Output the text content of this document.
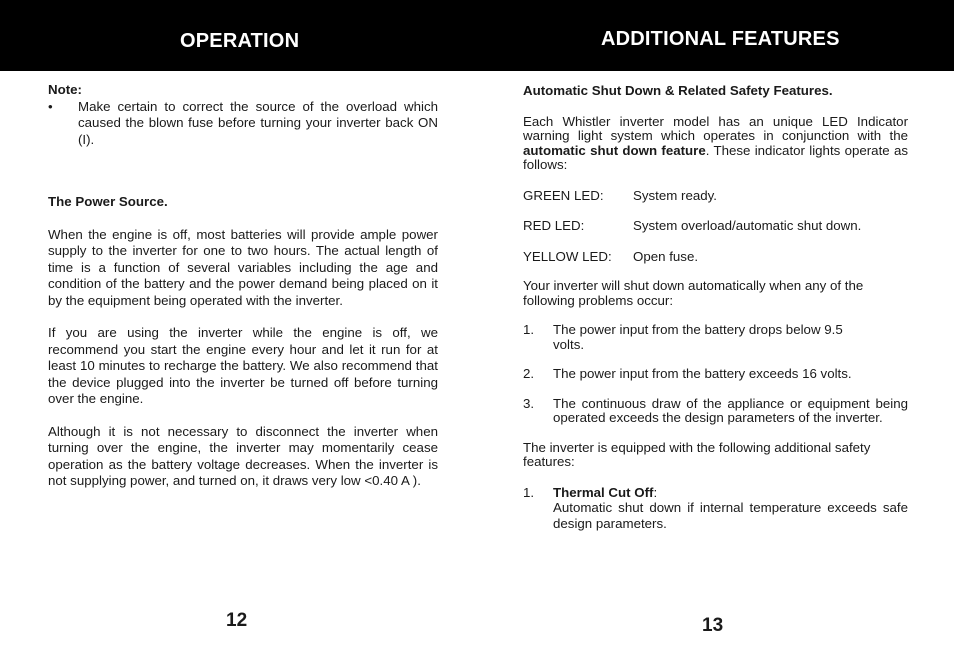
OPERATION	ADDITIONAL FEATURES
Note:
•	Make certain to correct the source of the overload which caused the blown fuse before turning your inverter back ON (I).
The Power Source.
When the engine is off, most batteries will provide ample power supply to the inverter for one to two hours. The actual length of time is a function of several variables including the age and condition of the battery and the power demand being placed on it by the equipment being operated with the inverter.
If you are using the inverter while the engine is off, we recommend you start the engine every hour and let it run for at least 10 minutes to recharge the battery. We also recommend that the device plugged into the inverter be turned off before turning over the engine.
Although it is not necessary to disconnect the inverter when turning over the engine, the inverter may momentarily cease operation as the battery voltage decreases. When the inverter is not supplying power, and turned on, it draws very low <0.40 A ).
Automatic Shut Down & Related Safety Features.
Each Whistler inverter model has an unique LED Indicator warning light system which operates in conjunction with the automatic shut down feature. These indicator lights operate as follows:
GREEN LED:	System ready.
RED LED:	System overload/automatic shut down.
YELLOW LED:	Open fuse.
Your inverter will shut down automatically when any of the following problems occur:
1.	The power input from the battery drops below 9.5 volts.
2.	The power input from the battery exceeds 16 volts.
3.	The continuous draw of the appliance or equipment being operated exceeds the design parameters of the inverter.
The inverter is equipped with the following additional safety features:
1.	Thermal Cut Off:

Automatic shut down if internal temperature exceeds safe design parameters.
12	13
